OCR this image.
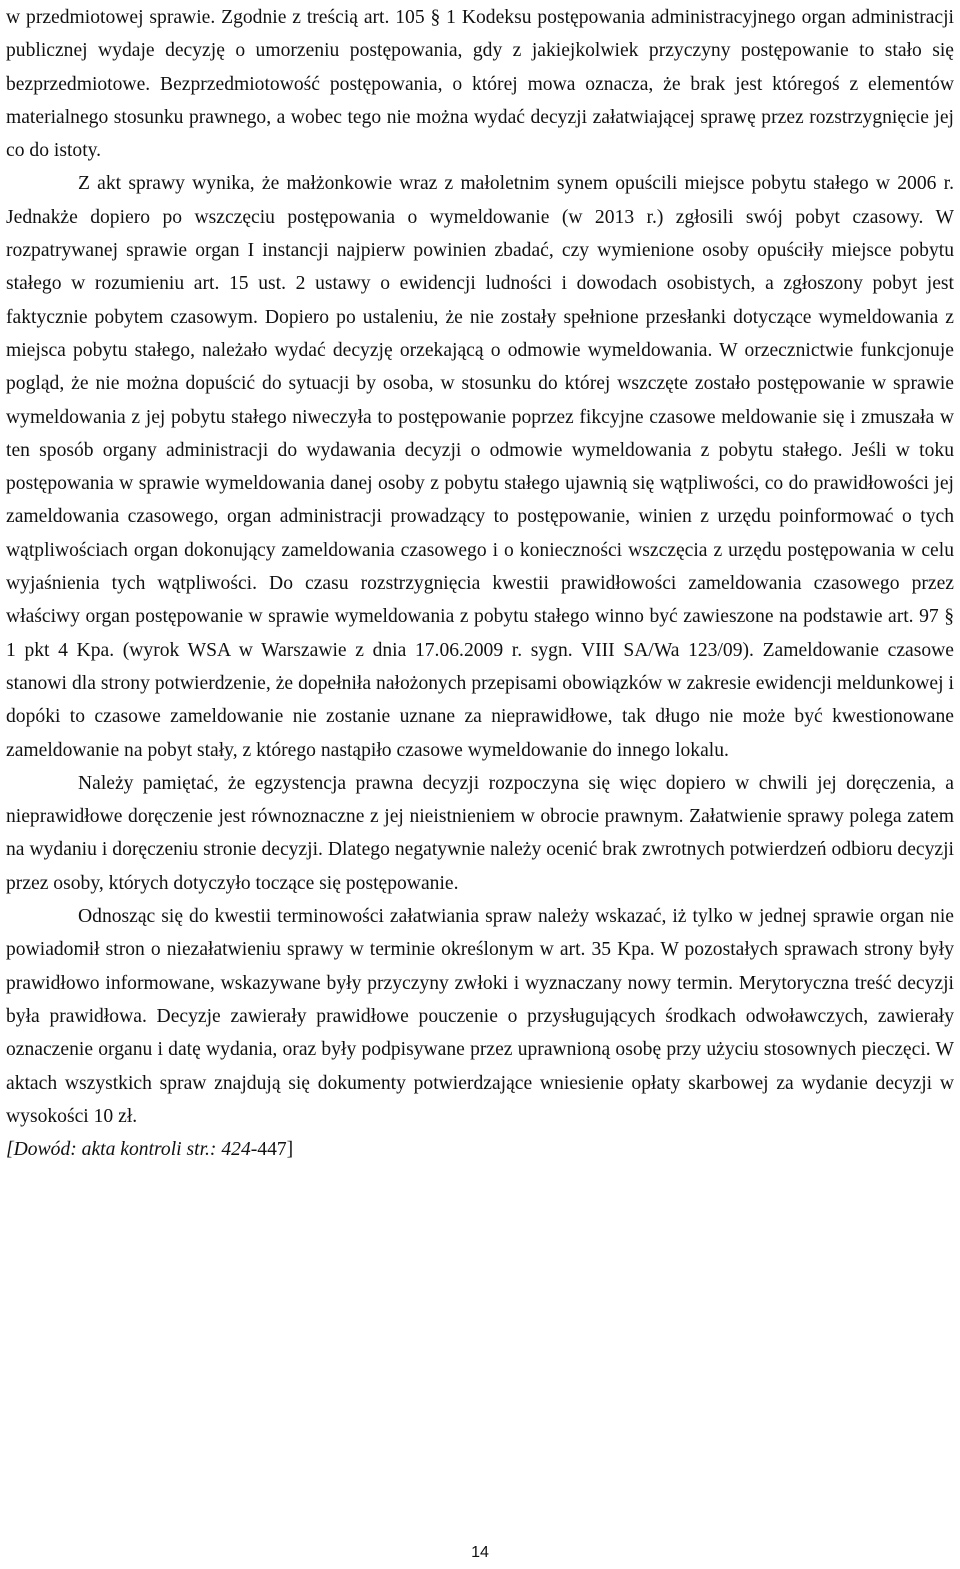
w przedmiotowej sprawie. Zgodnie z treścią art. 105 § 1 Kodeksu postępowania administracyjnego organ administracji publicznej wydaje decyzję o umorzeniu postępowania, gdy z jakiejkolwiek przyczyny postępowanie to stało się bezprzedmiotowe. Bezprzedmiotowość postępowania, o której mowa oznacza, że brak jest któregoś z elementów materialnego stosunku prawnego, a wobec tego nie można wydać decyzji załatwiającej sprawę przez rozstrzygnięcie jej co do istoty.

Z akt sprawy wynika, że małżonkowie wraz z małoletnim synem opuścili miejsce pobytu stałego w 2006 r. Jednakże dopiero po wszczęciu postępowania o wymeldowanie (w 2013 r.) zgłosili swój pobyt czasowy. W rozpatrywanej sprawie organ I instancji najpierw powinien zbadać, czy wymienione osoby opuściły miejsce pobytu stałego w rozumieniu art. 15 ust. 2 ustawy o ewidencji ludności i dowodach osobistych, a zgłoszony pobyt jest faktycznie pobytem czasowym. Dopiero po ustaleniu, że nie zostały spełnione przesłanki dotyczące wymeldowania z miejsca pobytu stałego, należało wydać decyzję orzekającą o odmowie wymeldowania. W orzecznictwie funkcjonuje pogląd, że nie można dopuścić do sytuacji by osoba, w stosunku do której wszczęte zostało postępowanie w sprawie wymeldowania z jej pobytu stałego niweczyła to postępowanie poprzez fikcyjne czasowe meldowanie się i zmuszała w ten sposób organy administracji do wydawania decyzji o odmowie wymeldowania z pobytu stałego. Jeśli w toku postępowania w sprawie wymeldowania danej osoby z pobytu stałego ujawnią się wątpliwości, co do prawidłowości jej zameldowania czasowego, organ administracji prowadzący to postępowanie, winien z urzędu poinformować o tych wątpliwościach organ dokonujący zameldowania czasowego i o konieczności wszczęcia z urzędu postępowania w celu wyjaśnienia tych wątpliwości. Do czasu rozstrzygnięcia kwestii prawidłowości zameldowania czasowego przez właściwy organ postępowanie w sprawie wymeldowania z pobytu stałego winno być zawieszone na podstawie art. 97 § 1 pkt 4 Kpa. (wyrok WSA w Warszawie z dnia 17.06.2009 r. sygn. VIII SA/Wa 123/09). Zameldowanie czasowe stanowi dla strony potwierdzenie, że dopełniła nałożonych przepisami obowiązków w zakresie ewidencji meldunkowej i dopóki to czasowe zameldowanie nie zostanie uznane za nieprawidłowe, tak długo nie może być kwestionowane zameldowanie na pobyt stały, z którego nastąpiło czasowe wymeldowanie do innego lokalu.

Należy pamiętać, że egzystencja prawna decyzji rozpoczyna się więc dopiero w chwili jej doręczenia, a nieprawidłowe doręczenie jest równoznaczne z jej nieistnieniem w obrocie prawnym. Załatwienie sprawy polega zatem na wydaniu i doręczeniu stronie decyzji. Dlatego negatywnie należy ocenić brak zwrotnych potwierdzeń odbioru decyzji przez osoby, których dotyczyło toczące się postępowanie.

Odnosząc się do kwestii terminowości załatwiania spraw należy wskazać, iż tylko w jednej sprawie organ nie powiadomił stron o niezałatwieniu sprawy w terminie określonym w art. 35 Kpa. W pozostałych sprawach strony były prawidłowo informowane, wskazywane były przyczyny zwłoki i wyznaczany nowy termin. Merytoryczna treść decyzji była prawidłowa. Decyzje zawierały prawidłowe pouczenie o przysługujących środkach odwoławczych, zawierały oznaczenie organu i datę wydania, oraz były podpisywane przez uprawnioną osobę przy użyciu stosownych pieczęci. W aktach wszystkich spraw znajdują się dokumenty potwierdzające wniesienie opłaty skarbowej za wydanie decyzji w wysokości 10 zł.

[Dowód: akta kontroli str.: 424-447]

14
